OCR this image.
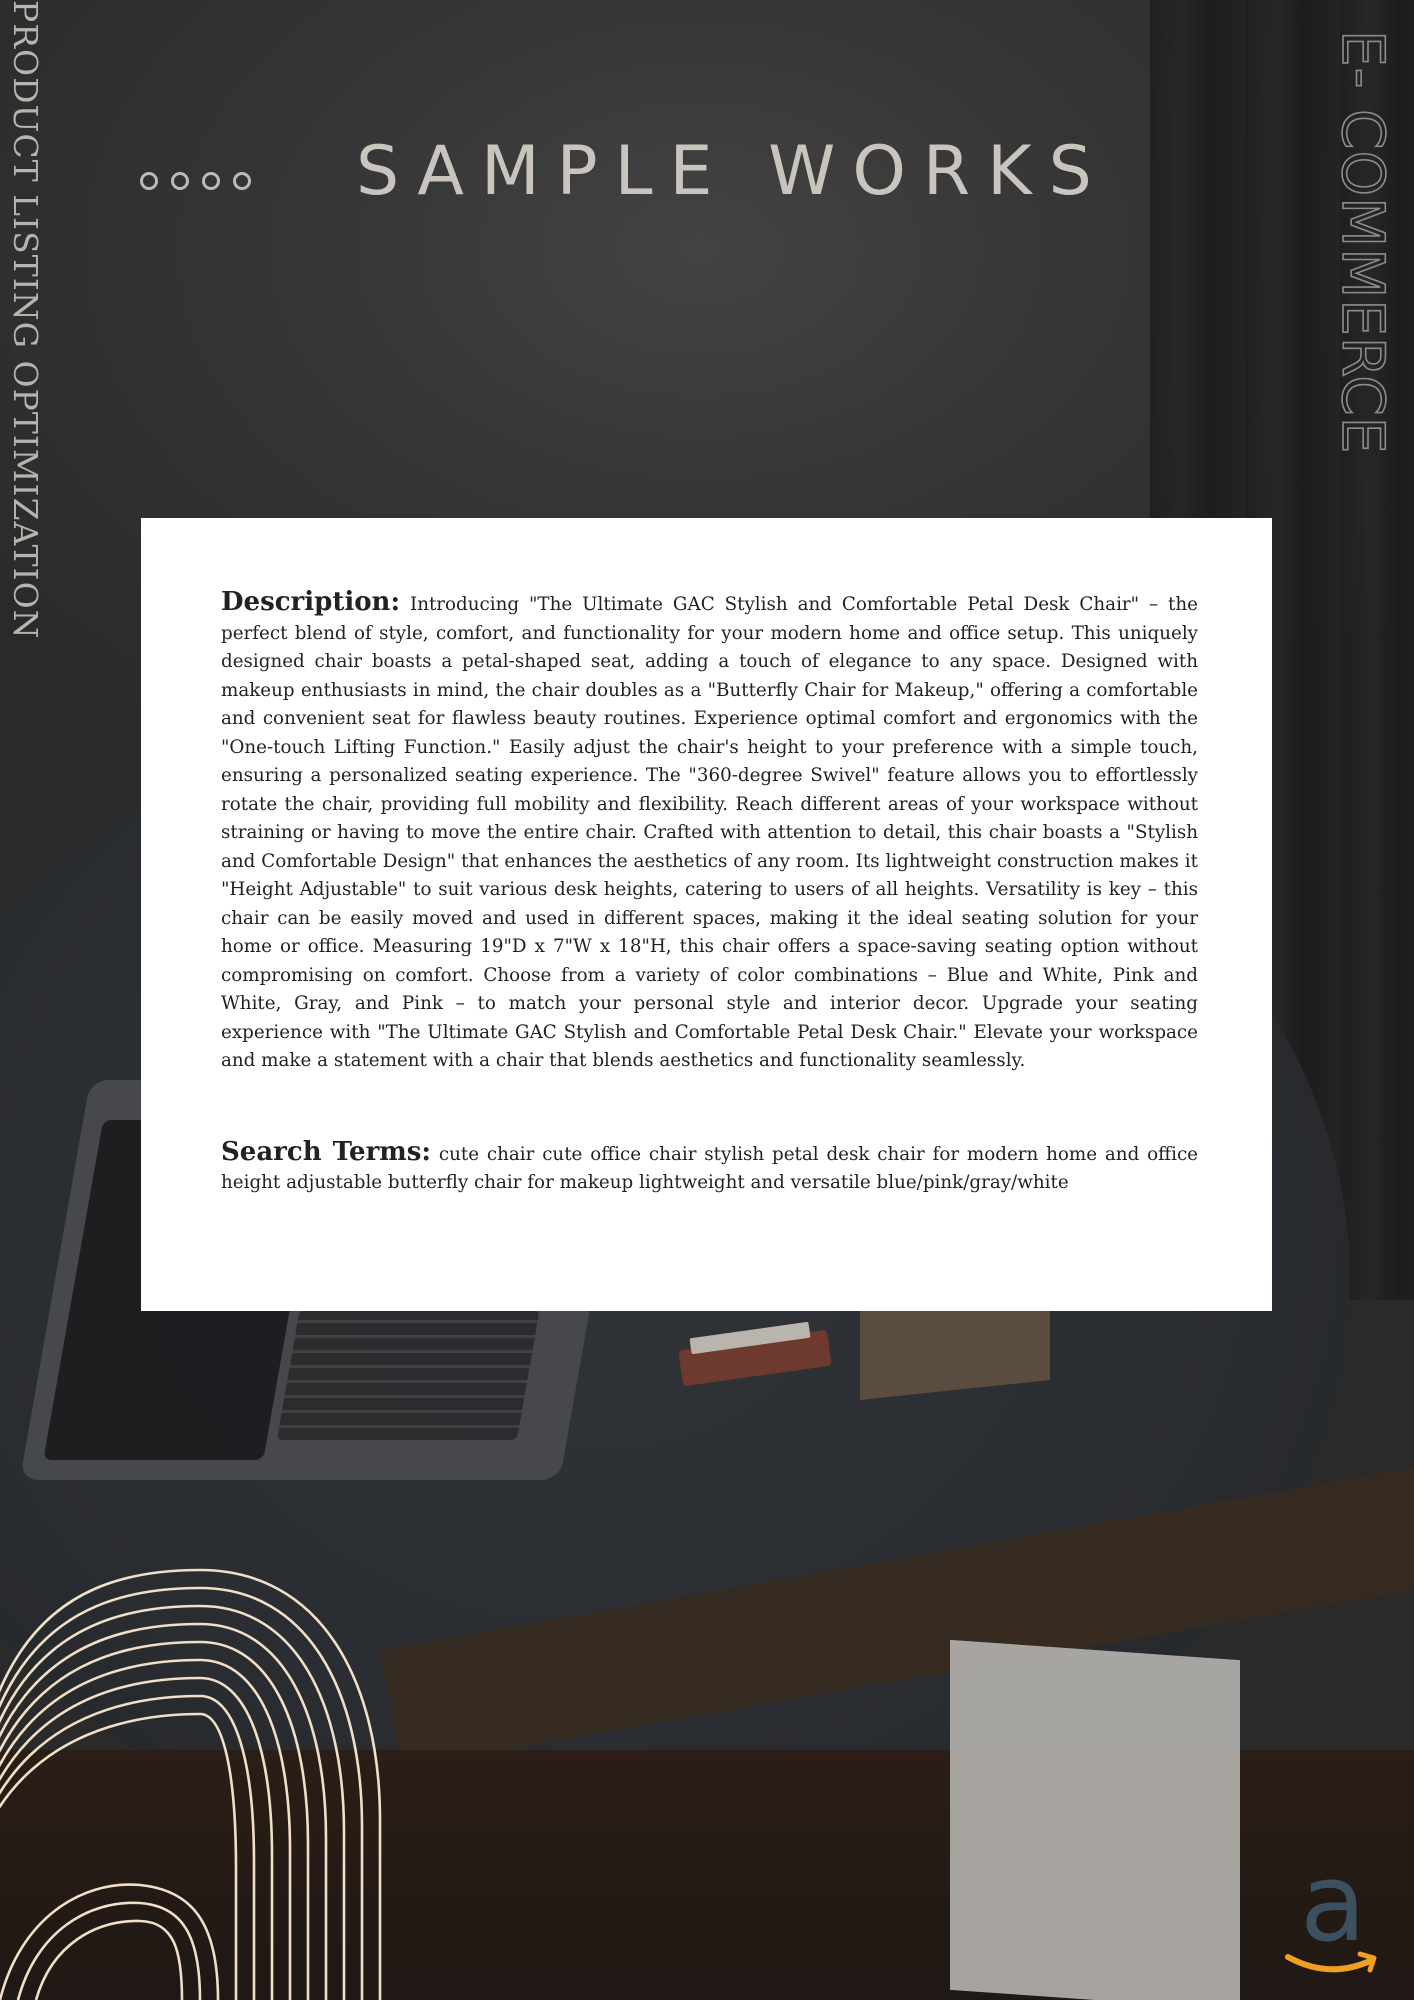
PRODUCT LISTING OPTIMIZATION	E- COMMERCE
SAMPLE WORKS

Description: Introducing "The Ultimate GAC Stylish and Comfortable Petal Desk Chair" – the perfect blend of style, comfort, and functionality for your modern home and office setup. This uniquely designed chair boasts a petal-shaped seat, adding a touch of elegance to any space. Designed with makeup enthusiasts in mind, the chair doubles as a "Butterfly Chair for Makeup," offering a comfortable and convenient seat for flawless beauty routines. Experience optimal comfort and ergonomics with the "One-touch Lifting Function." Easily adjust the chair's height to your preference with a simple touch, ensuring a personalized seating experience. The "360-degree Swivel" feature allows you to effortlessly rotate the chair, providing full mobility and flexibility. Reach different areas of your workspace without straining or having to move the entire chair. Crafted with attention to detail, this chair boasts a "Stylish and Comfortable Design" that enhances the aesthetics of any room. Its lightweight construction makes it "Height Adjustable" to suit various desk heights, catering to users of all heights. Versatility is key – this chair can be easily moved and used in different spaces, making it the ideal seating solution for your home or office. Measuring 19"D x 7"W x 18"H, this chair offers a space-saving seating option without compromising on comfort. Choose from a variety of color combinations – Blue and White, Pink and White, Gray, and Pink – to match your personal style and interior decor. Upgrade your seating experience with "The Ultimate GAC Stylish and Comfortable Petal Desk Chair." Elevate your workspace and make a statement with a chair that blends aesthetics and functionality seamlessly.

Search Terms: cute chair cute office chair stylish petal desk chair for modern home and office height adjustable butterfly chair for makeup lightweight and versatile blue/pink/gray/white

a
